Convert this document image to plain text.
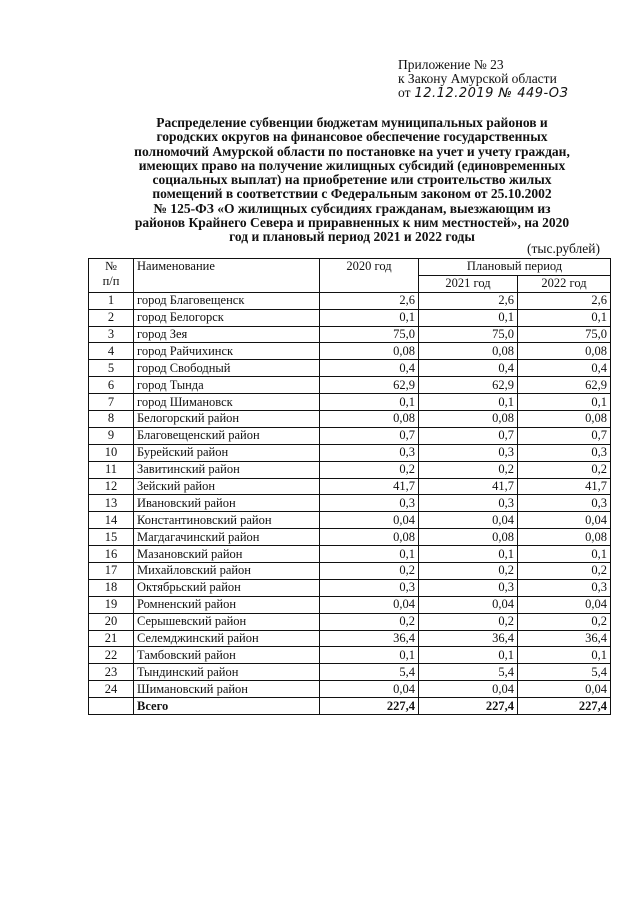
Приложение № 23
к Закону Амурской области
от 12.12.2019 № 449-ОЗ
Распределение субвенции бюджетам муниципальных районов и
городских округов на финансовое обеспечение государственных
полномочий Амурской области по постановке на учет и учету граждан,
имеющих право на получение жилищных субсидий (единовременных
социальных выплат) на приобретение или строительство жилых
помещений в соответствии с Федеральным законом от 25.10.2002
№ 125-ФЗ «О жилищных субсидиях гражданам, выезжающим из
районов Крайнего Севера и приравненных к ним местностей», на 2020
год и плановый период 2021 и 2022 годы
(тыс.рублей)
№
п/п	Наименование	2020 год	Плановый период	
			2021 год	2022 год
1	город Благовещенск	2,6	2,6	2,6
2	город Белогорск	0,1	0,1	0,1
3	город Зея	75,0	75,0	75,0
4	город Райчихинск	0,08	0,08	0,08
5	город Свободный	0,4	0,4	0,4
6	город Тында	62,9	62,9	62,9
7	город Шимановск	0,1	0,1	0,1
8	Белогорский район	0,08	0,08	0,08
9	Благовещенский район	0,7	0,7	0,7
10	Бурейский район	0,3	0,3	0,3
11	Завитинский район	0,2	0,2	0,2
12	Зейский район	41,7	41,7	41,7
13	Ивановский район	0,3	0,3	0,3
14	Константиновский район	0,04	0,04	0,04
15	Магдагачинский район	0,08	0,08	0,08
16	Мазановский район	0,1	0,1	0,1
17	Михайловский район	0,2	0,2	0,2
18	Октябрьский район	0,3	0,3	0,3
19	Ромненский район	0,04	0,04	0,04
20	Серышевский район	0,2	0,2	0,2
21	Селемджинский район	36,4	36,4	36,4
22	Тамбовский район	0,1	0,1	0,1
23	Тындинский район	5,4	5,4	5,4
24	Шимановский район	0,04	0,04	0,04
	Всего	227,4	227,4	227,4
